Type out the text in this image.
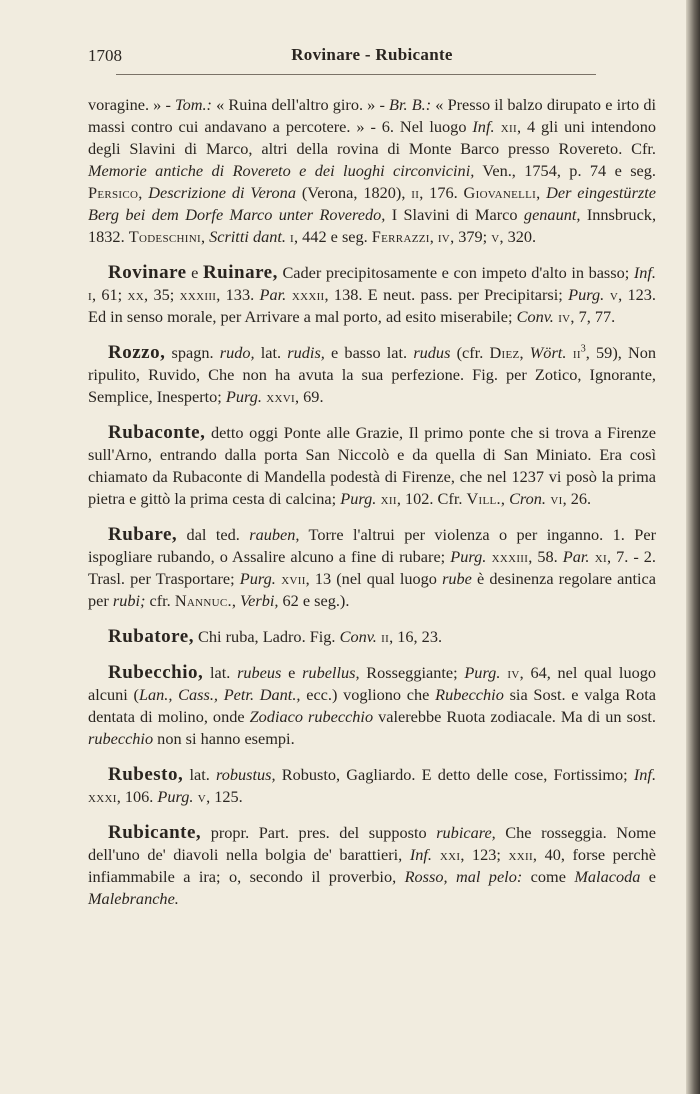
1708	Rovinare - Rubicante

voragine. » - Tom.: « Ruina dell'altro giro. » - Br. B.: « Presso il balzo dirupato e irto di massi contro cui andavano a percotere. » - 6. Nel luogo Inf. xii, 4 gli uni intendono degli Slavini di Marco, altri della rovina di Monte Barco presso Rovereto. Cfr. Memorie antiche di Rovereto e dei luoghi circonvicini, Ven., 1754, p. 74 e seg. Persico, Descrizione di Verona (Verona, 1820), ii, 176. Giovanelli, Der eingestürzte Berg bei dem Dorfe Marco unter Roveredo, I Slavini di Marco genaunt, Innsbruck, 1832. Todeschini, Scritti dant. i, 442 e seg. Ferrazzi, iv, 379; v, 320.

Rovinare e Ruinare, Cader precipitosamente e con impeto d'alto in basso; Inf. i, 61; xx, 35; xxxiii, 133. Par. xxxii, 138. E neut. pass. per Precipitarsi; Purg. v, 123. Ed in senso morale, per Arrivare a mal porto, ad esito miserabile; Conv. iv, 7, 77.

Rozzo, spagn. rudo, lat. rudis, e basso lat. rudus (cfr. Diez, Wört. $ii^3$, 59), Non ripulito, Ruvido, Che non ha avuta la sua perfezione. Fig. per Zotico, Ignorante, Semplice, Inesperto; Purg. xxvi, 69.

Rubaconte, detto oggi Ponte alle Grazie, Il primo ponte che si trova a Firenze sull'Arno, entrando dalla porta San Niccolò e da quella di San Miniato. Era così chiamato da Rubaconte di Mandella podestà di Firenze, che nel 1237 vi posò la prima pietra e gittò la prima cesta di calcina; Purg. xii, 102. Cfr. Vill., Cron. vi, 26.

Rubare, dal ted. rauben, Torre l'altrui per violenza o per inganno. 1. Per ispogliare rubando, o Assalire alcuno a fine di rubare; Purg. xxxiii, 58. Par. xi, 7. - 2. Trasl. per Trasportare; Purg. xvii, 13 (nel qual luogo rube è desinenza regolare antica per rubi; cfr. Nannuc., Verbi, 62 e seg.).

Rubatore, Chi ruba, Ladro. Fig. Conv. ii, 16, 23.

Rubecchio, lat. rubeus e rubellus, Rosseggiante; Purg. iv, 64, nel qual luogo alcuni (Lan., Cass., Petr. Dant., ecc.) vogliono che Rubecchio sia Sost. e valga Rota dentata di molino, onde Zodiaco rubecchio valerebbe Ruota zodiacale. Ma di un sost. rubecchio non si hanno esempi.

Rubesto, lat. robustus, Robusto, Gagliardo. E detto delle cose, Fortissimo; Inf. xxxi, 106. Purg. v, 125.

Rubicante, propr. Part. pres. del supposto rubicare, Che rosseggia. Nome dell'uno de' diavoli nella bolgia de' barattieri, Inf. xxi, 123; xxii, 40, forse perchè infiammabile a ira; o, secondo il proverbio, Rosso, mal pelo: come Malacoda e Malebranche.
